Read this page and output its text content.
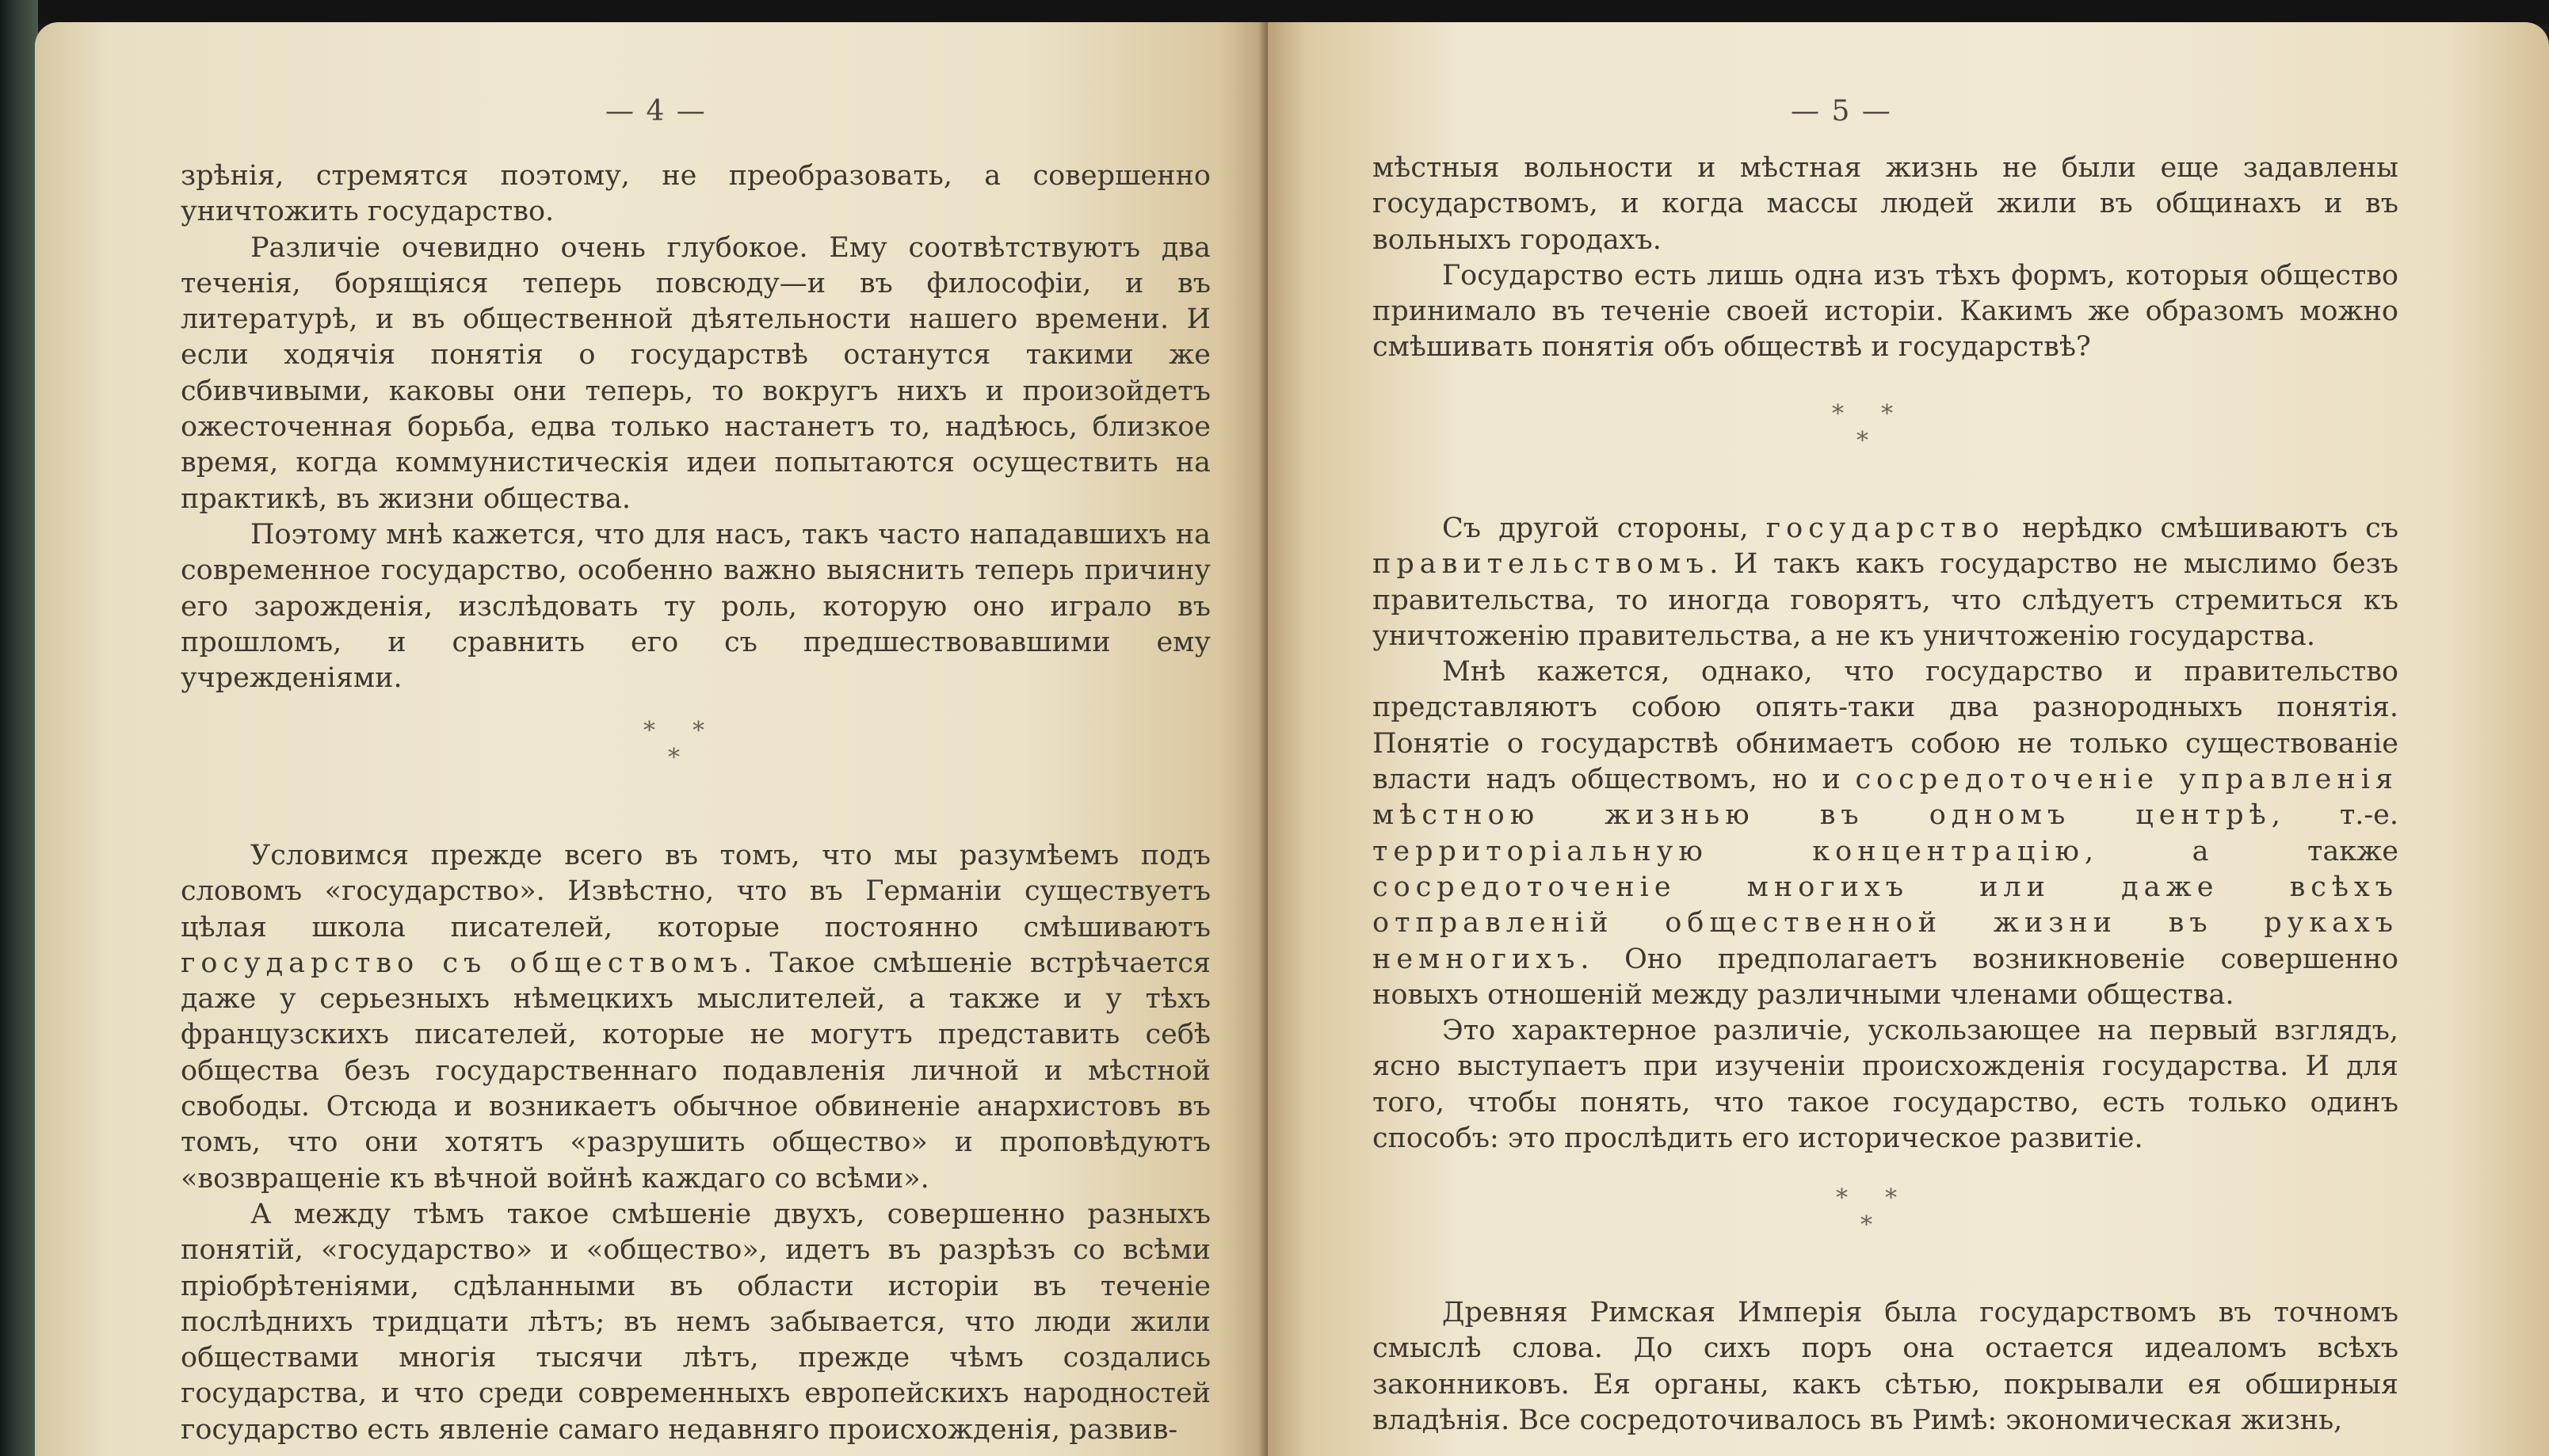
— 4 —

зрѣнія, стремятся поэтому, не преобразовать, а совершенно уничтожить государство.

Различіе очевидно очень глубокое. Ему соотвѣтствуютъ два теченія, борящіяся теперь повсюду—и въ философіи, и въ литературѣ, и въ общественной дѣятельности нашего времени. И если ходячія понятія о государствѣ останутся такими же сбивчивыми, каковы они теперь, то вокругъ нихъ и произойдетъ ожесточенная борьба, едва только настанетъ то, надѣюсь, близкое время, когда коммунистическія идеи попытаются осуществить на практикѣ, въ жизни общества.

Поэтому мнѣ кажется, что для насъ, такъ часто нападавшихъ на современное государство, особенно важно выяснить теперь причину его зарожденія, изслѣдовать ту роль, которую оно играло въ прошломъ, и сравнить его съ предшествовавшими ему учрежденіями.

* *
*

Условимся прежде всего въ томъ, что мы разумѣемъ подъ словомъ «государство». Извѣстно, что въ Германіи существуетъ цѣлая школа писателей, которые постоянно смѣшиваютъ государство съ обществомъ. Такое смѣшеніе встрѣчается даже у серьезныхъ нѣмецкихъ мыслителей, а также и у тѣхъ французскихъ писателей, которые не могутъ представить себѣ общества безъ государственнаго подавленія личной и мѣстной свободы. Отсюда и возникаетъ обычное обвиненіе анархистовъ въ томъ, что они хотятъ «разрушить общество» и проповѣдуютъ «возвращеніе къ вѣчной войнѣ каждаго со всѣми».

А между тѣмъ такое смѣшеніе двухъ, совершенно разныхъ понятій, «государство» и «общество», идетъ въ разрѣзъ со всѣми пріобрѣтеніями, сдѣланными въ области исторіи въ теченіе послѣднихъ тридцати лѣтъ; въ немъ забывается, что люди жили обществами многія тысячи лѣтъ, прежде чѣмъ создались государства, и что среди современныхъ европейскихъ народностей государство есть явленіе самаго недавняго происхожденія, развив-

— 5 —

мѣстныя вольности и мѣстная жизнь не были еще задавлены государствомъ, и когда массы людей жили въ общинахъ и въ вольныхъ городахъ.

Государство есть лишь одна изъ тѣхъ формъ, которыя общество принимало въ теченіе своей исторіи. Какимъ же образомъ можно смѣшивать понятія объ обществѣ и государствѣ?

* *
*

Съ другой стороны, государство нерѣдко смѣшиваютъ съ правительствомъ. И такъ какъ государство не мыслимо безъ правительства, то иногда говорятъ, что слѣдуетъ стремиться къ уничтоженію правительства, а не къ уничтоженію государства.

Мнѣ кажется, однако, что государство и правительство представляютъ собою опять-таки два разнородныхъ понятія. Понятіе о государствѣ обнимаетъ собою не только существованіе власти надъ обществомъ, но и сосредоточеніе управленія мѣстною жизнью въ одномъ центрѣ, т.-е. территоріальную концентрацію, а также сосредоточеніе многихъ или даже всѣхъ отправленій общественной жизни въ рукахъ немногихъ. Оно предполагаетъ возникновеніе совершенно новыхъ отношеній между различными членами общества.

Это характерное различіе, ускользающее на первый взглядъ, ясно выступаетъ при изученіи происхожденія государства. И для того, чтобы понять, что такое государство, есть только одинъ способъ: это прослѣдить его историческое развитіе.

* *
*

Древняя Римская Имперія была государствомъ въ точномъ смыслѣ слова. До сихъ поръ она остается идеаломъ всѣхъ законниковъ. Ея органы, какъ сѣтью, покрывали ея обширныя владѣнія. Все сосредоточивалось въ Римѣ: экономическая жизнь,
